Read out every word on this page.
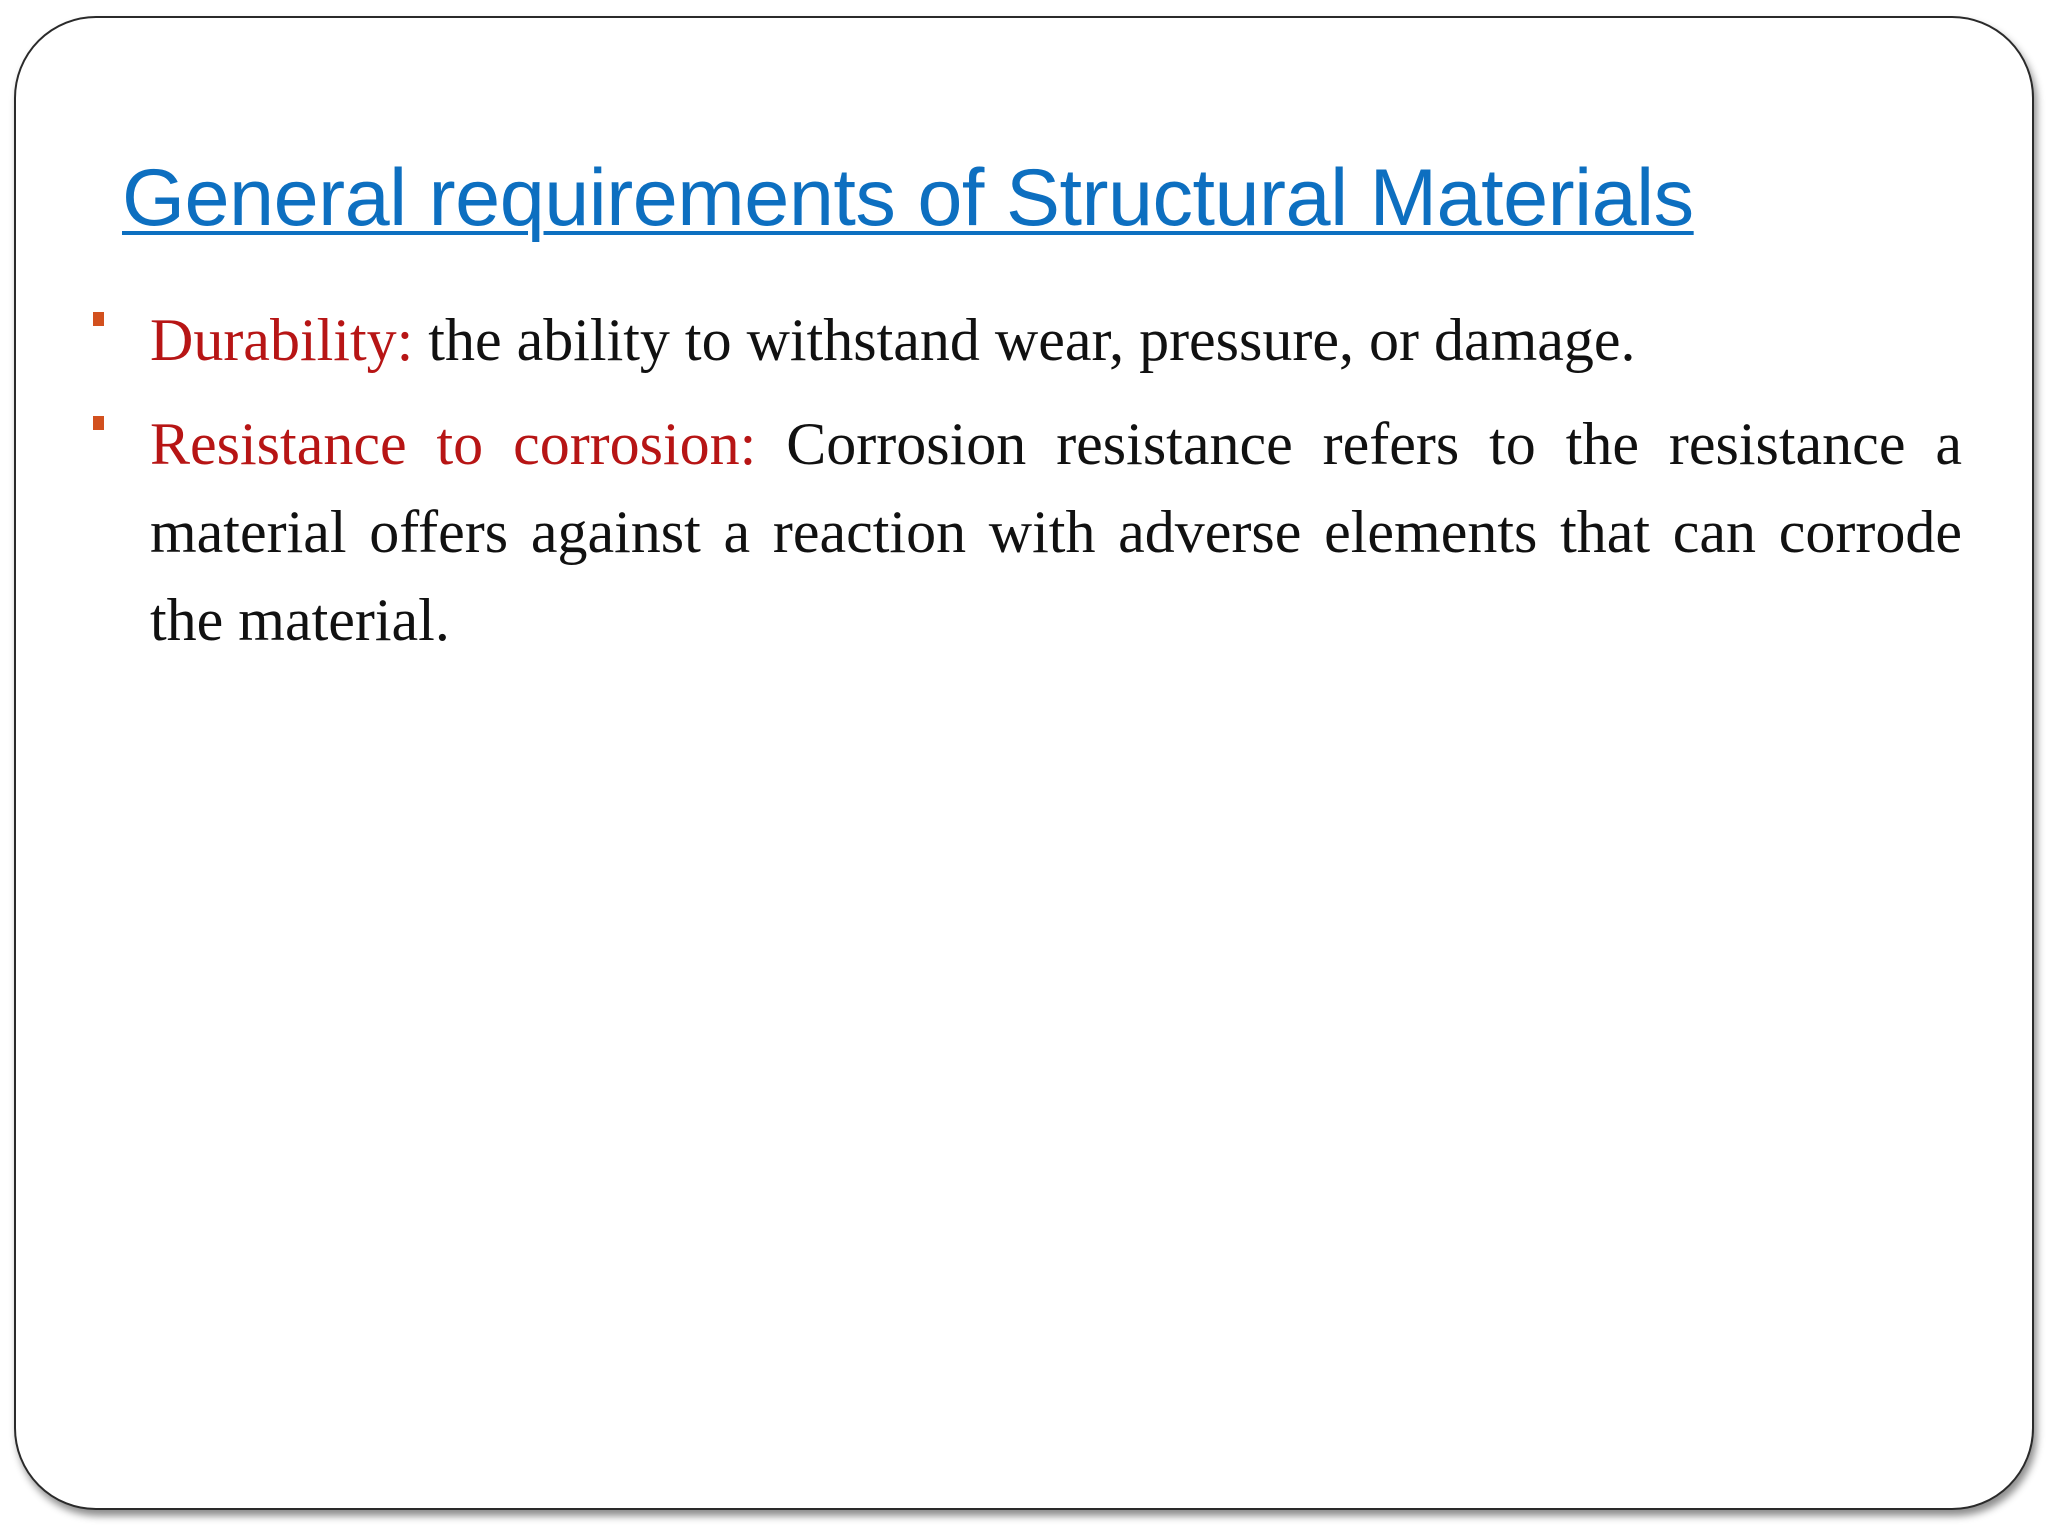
General requirements of Structural Materials
Durability: the ability to withstand wear, pressure, or damage.
Resistance to corrosion: Corrosion resistance refers to the resistance a material offers against a reaction with adverse elements that can corrode the material.
